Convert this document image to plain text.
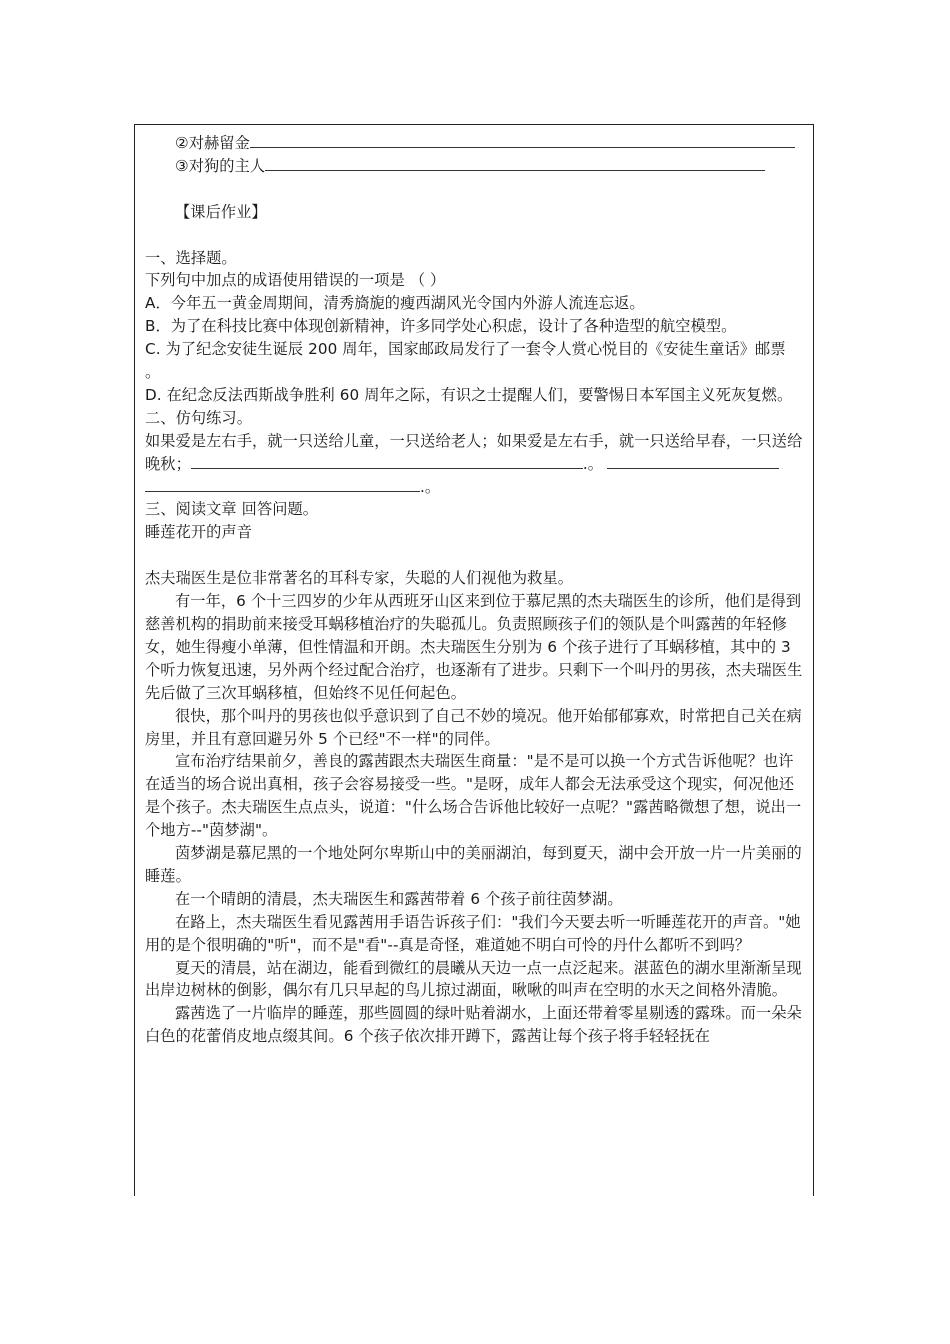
②对赫留金

③对狗的主人

【课后作业】

一、选择题。

下列句中加点的成语使用错误的一项是 （ ）

A．今年五一黄金周期间，清秀旖旎的瘦西湖风光令国内外游人流连忘返。

B．为了在科技比赛中体现创新精神，许多同学处心积虑，设计了各种造型的航空模型。

C. 为了纪念安徒生诞辰 200 周年，国家邮政局发行了一套令人赏心悦目的《安徒生童话》邮票 。

D. 在纪念反法西斯战争胜利 60 周年之际，有识之士提醒人们，要警惕日本军国主义死灰复燃。

二、仿句练习。

如果爱是左右手，就一只送给儿童，一只送给老人；如果爱是左右手，就一只送给早春，一只送给晚秋；	.。
.。

三、阅读文章 回答问题。

睡莲花开的声音

杰夫瑞医生是位非常著名的耳科专家，失聪的人们视他为救星。

有一年，6 个十三四岁的少年从西班牙山区来到位于慕尼黑的杰夫瑞医生的诊所，他们是得到慈善机构的捐助前来接受耳蜗移植治疗的失聪孤儿。负责照顾孩子们的领队是个叫露茜的年轻修女，她生得瘦小单薄，但性情温和开朗。杰夫瑞医生分别为 6 个孩子进行了耳蜗移植，其中的 3 个听力恢复迅速，另外两个经过配合治疗，也逐渐有了进步。只剩下一个叫丹的男孩，杰夫瑞医生先后做了三次耳蜗移植，但始终不见任何起色。

很快，那个叫丹的男孩也似乎意识到了自己不妙的境况。他开始郁郁寡欢，时常把自己关在病房里，并且有意回避另外 5 个已经"不一样"的同伴。

宣布治疗结果前夕，善良的露茜跟杰夫瑞医生商量："是不是可以换一个方式告诉他呢？也许在适当的场合说出真相，孩子会容易接受一些。"是呀，成年人都会无法承受这个现实，何况他还是个孩子。杰夫瑞医生点点头，说道："什么场合告诉他比较好一点呢？"露茜略微想了想，说出一个地方--"茵梦湖"。

茵梦湖是慕尼黑的一个地处阿尔卑斯山中的美丽湖泊，每到夏天，湖中会开放一片一片美丽的睡莲。

在一个晴朗的清晨，杰夫瑞医生和露茜带着 6 个孩子前往茵梦湖。

在路上，杰夫瑞医生看见露茜用手语告诉孩子们："我们今天要去听一听睡莲花开的声音。"她用的是个很明确的"听"，而不是"看"--真是奇怪，难道她不明白可怜的丹什么都听不到吗？

夏天的清晨，站在湖边，能看到微红的晨曦从天边一点一点泛起来。湛蓝色的湖水里渐渐呈现出岸边树林的倒影，偶尔有几只早起的鸟儿掠过湖面，啾啾的叫声在空明的水天之间格外清脆。

露茜选了一片临岸的睡莲，那些圆圆的绿叶贴着湖水，上面还带着零星剔透的露珠。而一朵朵白色的花蕾俏皮地点缀其间。6 个孩子依次排开蹲下，露茜让每个孩子将手轻轻抚在
